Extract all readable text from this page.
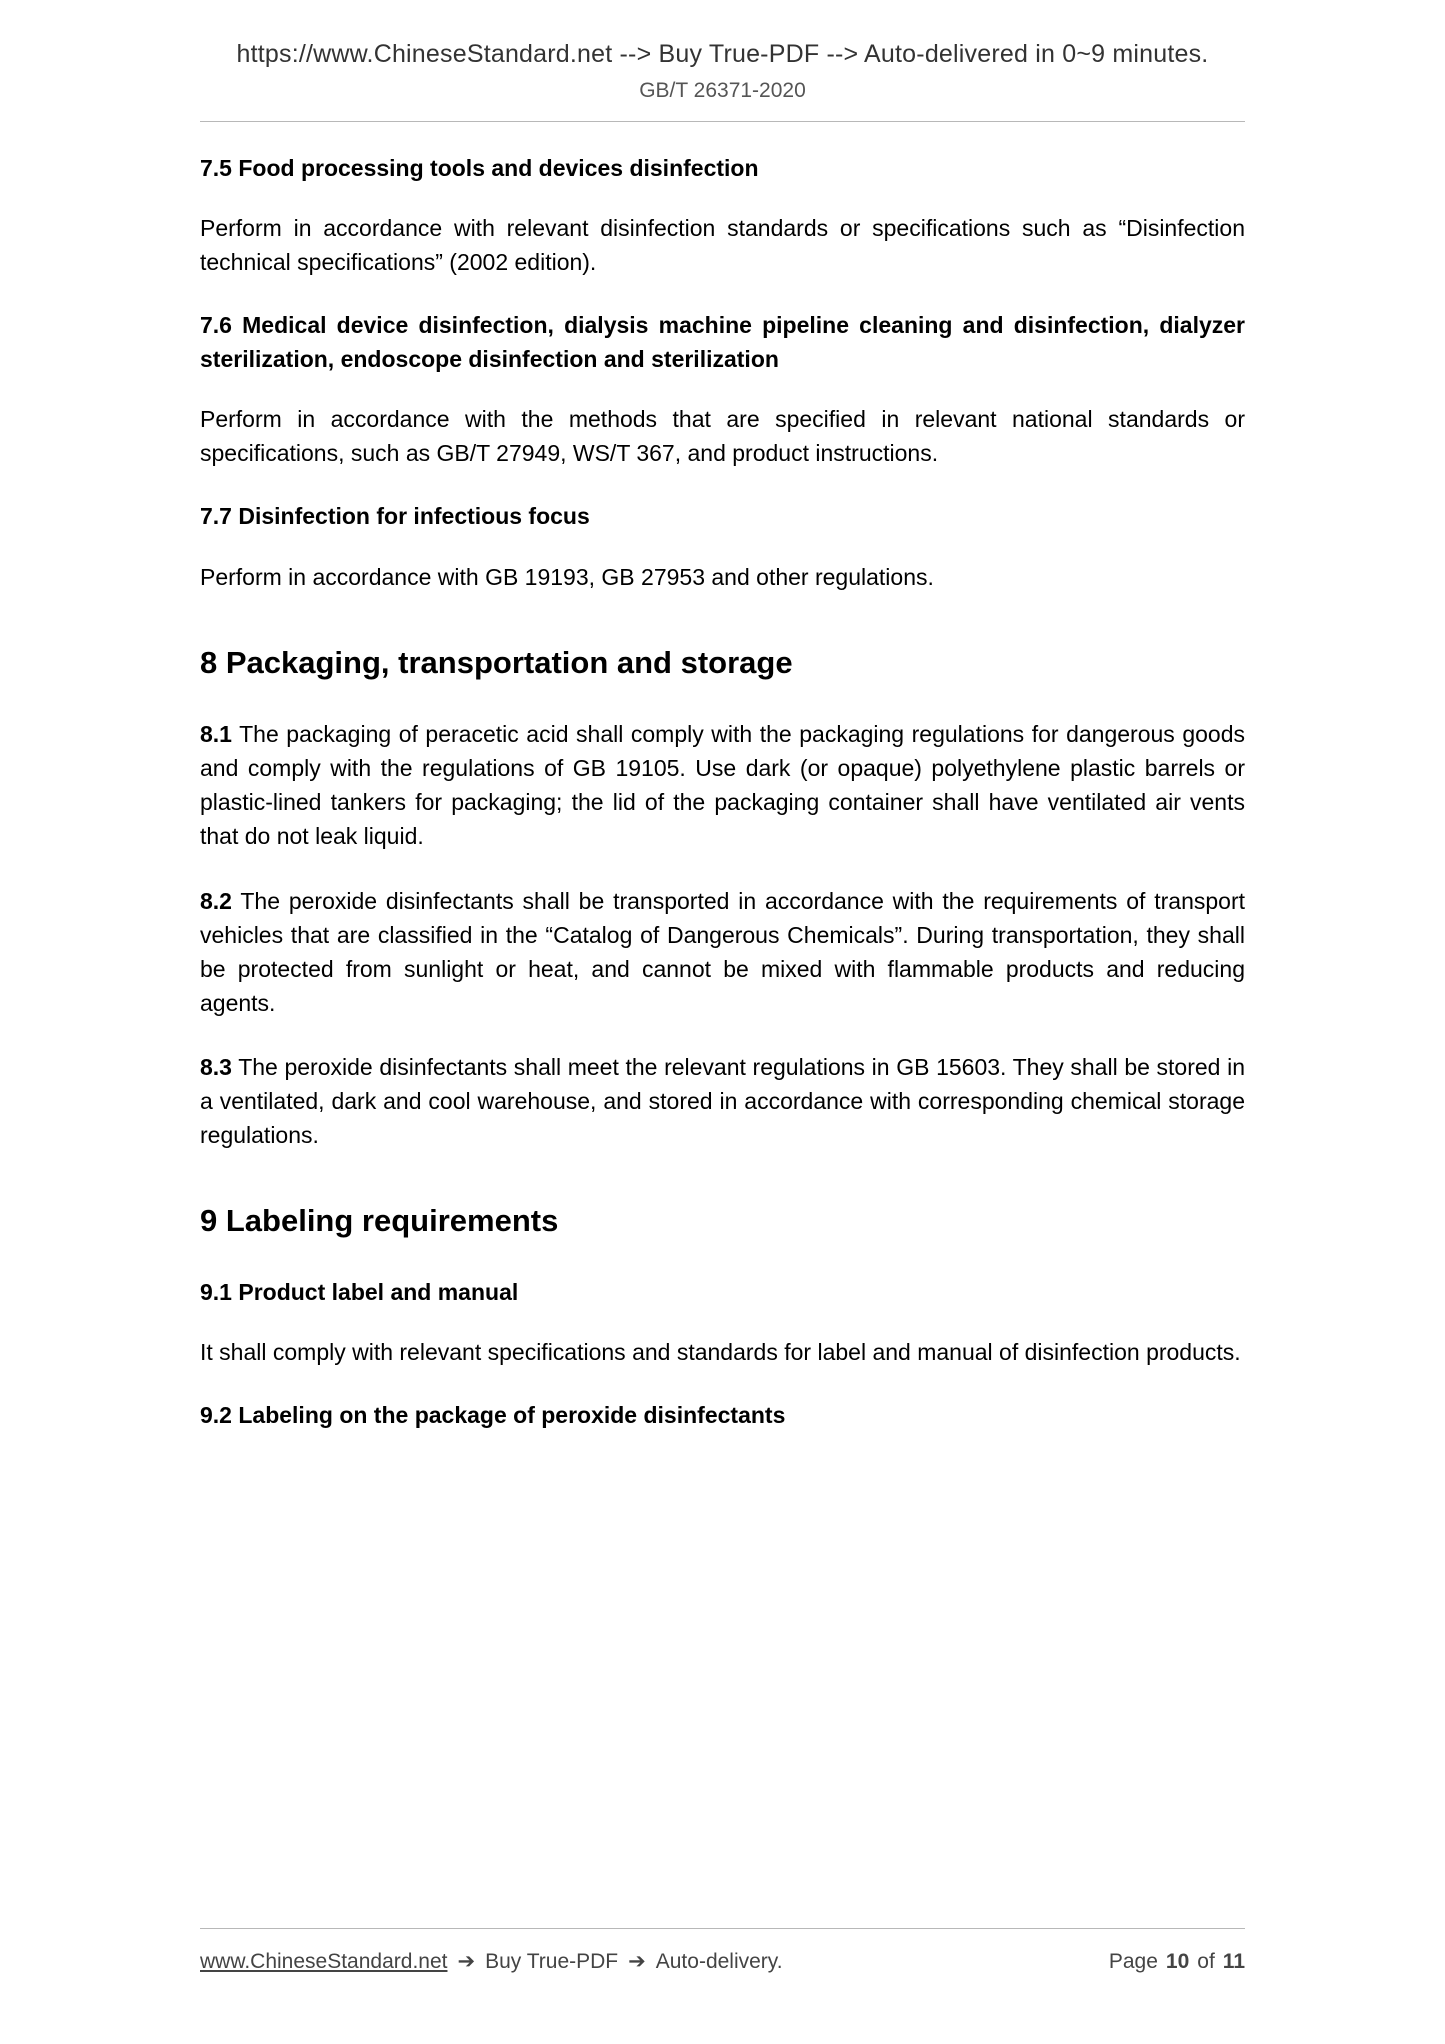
https://www.ChineseStandard.net --> Buy True-PDF --> Auto-delivered in 0~9 minutes.
GB/T 26371-2020
7.5 Food processing tools and devices disinfection

Perform in accordance with relevant disinfection standards or specifications such as “Disinfection technical specifications” (2002 edition).

7.6 Medical device disinfection, dialysis machine pipeline cleaning and disinfection, dialyzer sterilization, endoscope disinfection and sterilization

Perform in accordance with the methods that are specified in relevant national standards or specifications, such as GB/T 27949, WS/T 367, and product instructions.

7.7 Disinfection for infectious focus

Perform in accordance with GB 19193, GB 27953 and other regulations.

8 Packaging, transportation and storage

8.1 The packaging of peracetic acid shall comply with the packaging regulations for dangerous goods and comply with the regulations of GB 19105. Use dark (or opaque) polyethylene plastic barrels or plastic-lined tankers for packaging; the lid of the packaging container shall have ventilated air vents that do not leak liquid.

8.2 The peroxide disinfectants shall be transported in accordance with the requirements of transport vehicles that are classified in the “Catalog of Dangerous Chemicals”. During transportation, they shall be protected from sunlight or heat, and cannot be mixed with flammable products and reducing agents.

8.3 The peroxide disinfectants shall meet the relevant regulations in GB 15603. They shall be stored in a ventilated, dark and cool warehouse, and stored in accordance with corresponding chemical storage regulations.

9 Labeling requirements
9.1 Product label and manual

It shall comply with relevant specifications and standards for label and manual of disinfection products.

9.2 Labeling on the package of peroxide disinfectants
www.ChineseStandard.net ➔ Buy True-PDF ➔ Auto-delivery.	Page 10 of 11
